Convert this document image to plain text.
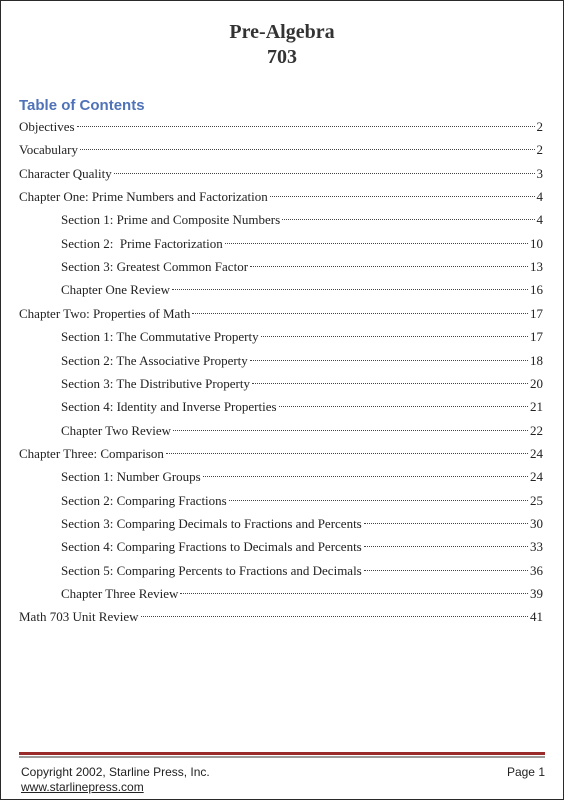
Pre-Algebra
703
Table of Contents
Objectives	2
Vocabulary	2
Character Quality	3
Chapter One: Prime Numbers and Factorization	4
Section 1: Prime and Composite Numbers	4
Section 2:  Prime Factorization	10
Section 3: Greatest Common Factor	13
Chapter One Review	16
Chapter Two: Properties of Math	17
Section 1: The Commutative Property	17
Section 2: The Associative Property	18
Section 3: The Distributive Property	20
Section 4: Identity and Inverse Properties	21
Chapter Two Review	22
Chapter Three: Comparison	24
Section 1: Number Groups	24
Section 2: Comparing Fractions	25
Section 3: Comparing Decimals to Fractions and Percents	30
Section 4: Comparing Fractions to Decimals and Percents	33
Section 5: Comparing Percents to Fractions and Decimals	36
Chapter Three Review	39
Math 703 Unit Review	41
Copyright 2002, Starline Press, Inc.
www.starlinepress.com
Page 1
